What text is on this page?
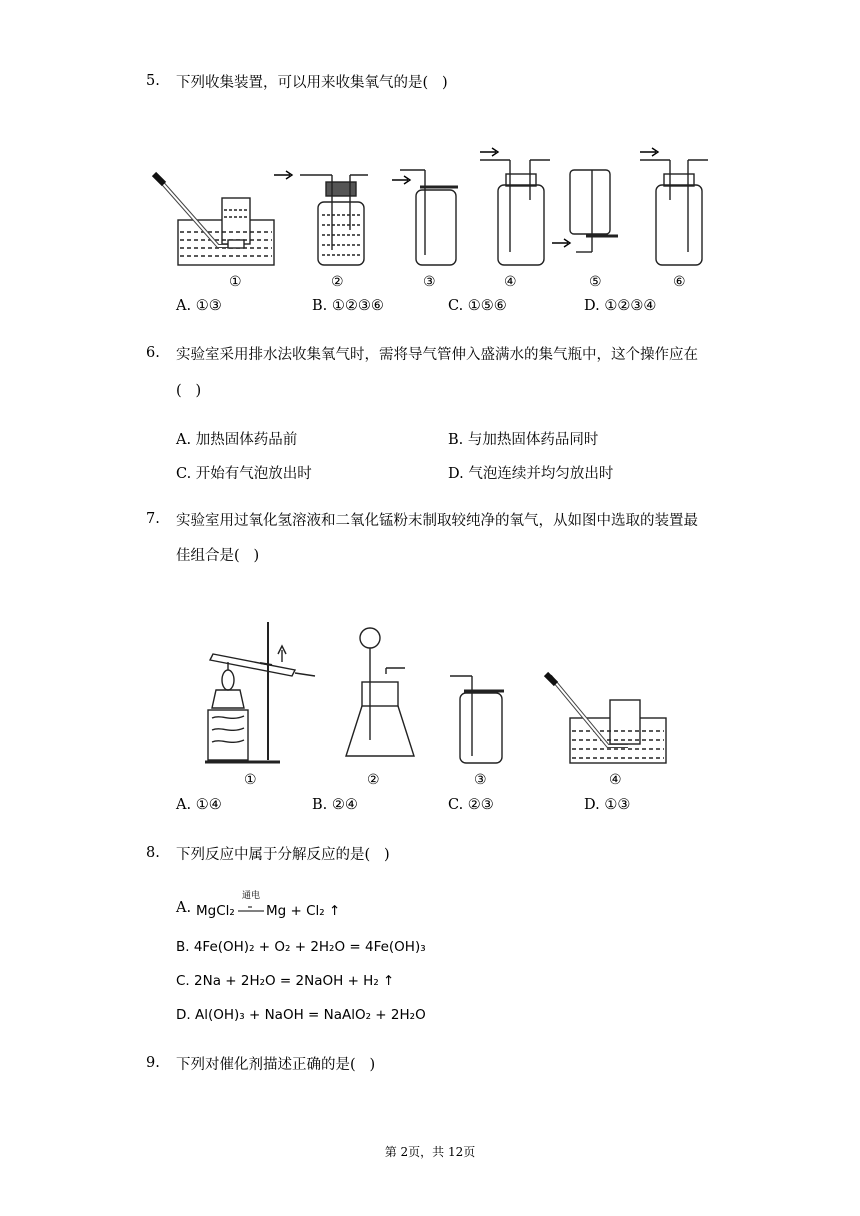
5. 下列收集装置，可以用来收集氧气的是(   )
①	②	③	④	⑤	⑥
A. ①③	B. ①②③⑥	C. ①⑤⑥	D. ①②③④
6. 实验室采用排水法收集氧气时，需将导气管伸入盛满水的集气瓶中，这个操作应在
(   )
A. 加热固体药品前	B. 与加热固体药品同时
C. 开始有气泡放出时	D. 气泡连续并均匀放出时
7. 实验室用过氧化氢溶液和二氧化锰粉末制取较纯净的氧气，从如图中选取的装置最
佳组合是(   )
①	②	③	④
A. ①④	B. ②④	C. ②③	D. ①③
8. 下列反应中属于分解反应的是(   )
A. MgCl₂
通电
Mg + Cl₂ ↑
B. 4Fe(OH)₂ + O₂ + 2H₂O = 4Fe(OH)₃
C. 2Na + 2H₂O = 2NaOH + H₂ ↑
D. Al(OH)₃ + NaOH = NaAlO₂ + 2H₂O
9. 下列对催化剂描述正确的是(   )
第 2页，共 12页
